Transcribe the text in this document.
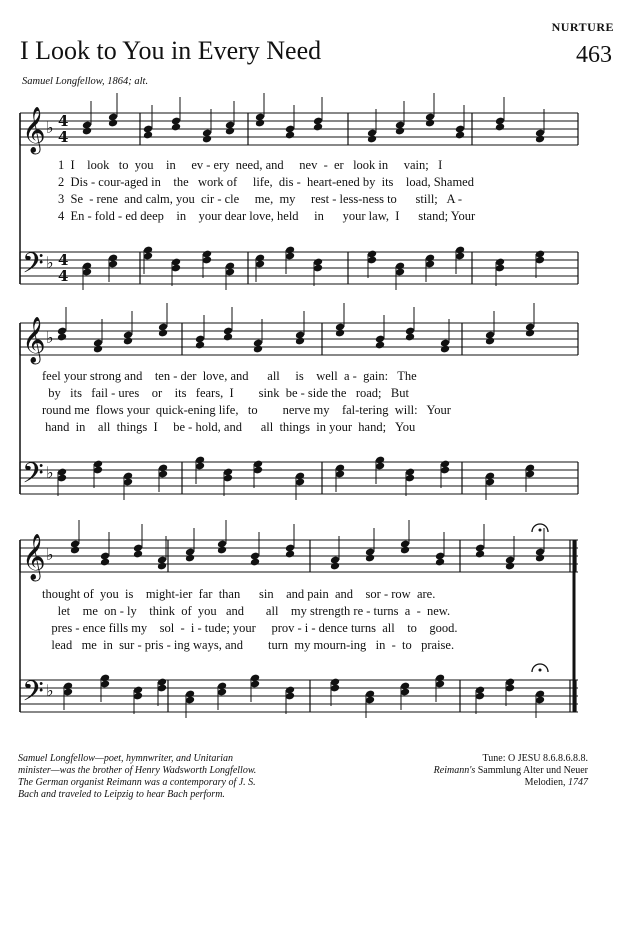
NURTURE
I Look to You in Every Need	463
Samuel Longfellow, 1864; alt.
𝄞
𝄢
♭
♭
4
4
4
4
𝄞
𝄢
♭
♭
𝄞
𝄢
♭
♭
1  I    look   to  you    in     ev - ery  need, and     nev  -  er   look in     vain;   I
2  Dis - cour-aged in    the   work of     life,  dis -  heart-ened by  its    load, Shamed
3  Se  - rene  and calm, you  cir - cle     me,  my     rest - less-ness to      still;   A -
4  En - fold - ed deep    in    your dear love, held     in      your law,  I      stand; Your
feel your strong and    ten - der  love, and      all     is    well  a -  gain:   The
by   its   fail - ures    or    its   fears,  I        sink  be - side the   road;   But
round me  flows your  quick-ening life,   to        nerve my    fal-tering  will:   Your
hand  in    all  things  I     be - hold, and      all  things  in your  hand;   You
thought of  you  is    might-ier  far  than      sin    and pain  and    sor - row  are.
let    me  on - ly    think  of  you   and       all    my strength re - turns  a  -  new.
pres - ence fills my    sol  -  i - tude; your     prov - i - dence turns  all    to    good.
lead   me  in  sur - pris - ing ways, and        turn  my mourn-ing   in  -  to   praise.
Samuel Longfellow—poet, hymnwriter, and Unitarian
minister—was the brother of Henry Wadsworth Longfellow.
The German organist Reimann was a contemporary of J. S.
Bach and traveled to Leipzig to hear Bach perform.
Tune: O JESU 8.6.8.6.8.8.
Reimann's Sammlung Alter und Neuer
Melodien, 1747
